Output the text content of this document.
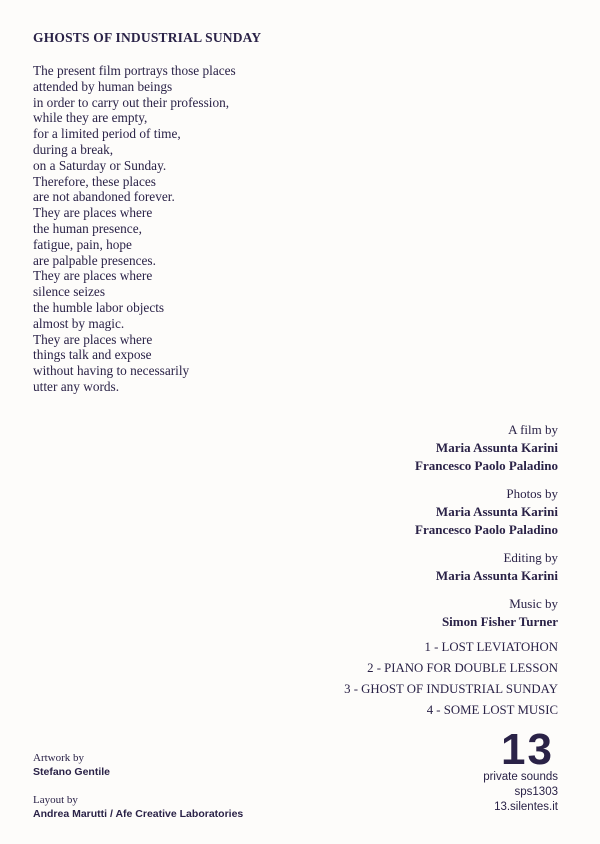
GHOSTS OF INDUSTRIAL SUNDAY
The present film portrays those places
attended by human beings
in order to carry out their profession,
while they are empty,
for a limited period of time,
during a break,
on a Saturday or Sunday.
Therefore, these places
are not abandoned forever.
They are places where
the human presence,
fatigue, pain, hope
are palpable presences.
They are places where
silence seizes
the humble labor objects
almost by magic.
They are places where
things talk and expose
without having to necessarily
utter any words.
A film by
Maria Assunta Karini
Francesco Paolo Paladino
Photos by
Maria Assunta Karini
Francesco Paolo Paladino
Editing by
Maria Assunta Karini
Music by
Simon Fisher Turner
1 - LOST LEVIATOHON
2 - PIANO FOR DOUBLE LESSON
3 - GHOST OF INDUSTRIAL SUNDAY
4 - SOME LOST MUSIC
13
private sounds
sps1303
13.silentes.it
Artwork by
Stefano Gentile
Layout by
Andrea Marutti / Afe Creative Laboratories
